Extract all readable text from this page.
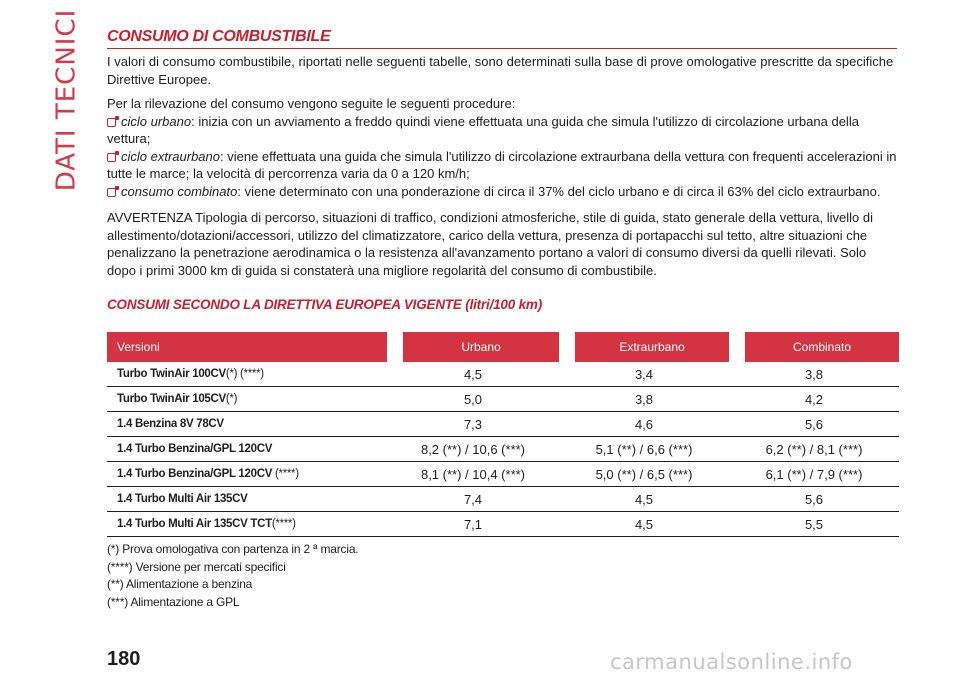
DATI TECNICI CONSUMO DI COMBUSTIBILE

I valori di consumo combustibile, riportati nelle seguenti tabelle, sono determinati sulla base di prove omologative prescritte da specifiche Direttive Europee.

Per la rilevazione del consumo vengono seguite le seguenti procedure:

ciclo urbano: inizia con un avviamento a freddo quindi viene effettuata una guida che simula l'utilizzo di circolazione urbana della vettura;
ciclo extraurbano: viene effettuata una guida che simula l'utilizzo di circolazione extraurbana della vettura con frequenti accelerazioni in tutte le marce; la velocità di percorrenza varia da 0 a 120 km/h;
consumo combinato: viene determinato con una ponderazione di circa il 37% del ciclo urbano e di circa il 63% del ciclo extraurbano.

AVVERTENZA Tipologia di percorso, situazioni di traffico, condizioni atmosferiche, stile di guida, stato generale della vettura, livello di allestimento/dotazioni/accessori, utilizzo del climatizzatore, carico della vettura, presenza di portapacchi sul tetto, altre situazioni che penalizzano la penetrazione aerodinamica o la resistenza all'avanzamento portano a valori di consumo diversi da quelli rilevati. Solo dopo i primi 3000 km di guida si constaterà una migliore regolarità del consumo di combustibile.

CONSUMI SECONDO LA DIRETTIVA EUROPEA VIGENTE (litri/100 km)
Versioni	Urbano	Extraurbano	Combinato
Turbo TwinAir 100CV(*) (****)	4,5	3,4	3,8
Turbo TwinAir 105CV(*)	5,0	3,8	4,2
1.4 Benzina 8V 78CV	7,3	4,6	5,6
1.4 Turbo Benzina/GPL 120CV	8,2 (**) / 10,6 (***)	5,1 (**) / 6,6 (***)	6,2 (**) / 8,1 (***)
1.4 Turbo Benzina/GPL 120CV (****)	8,1 (**) / 10,4 (***)	5,0 (**) / 6,5 (***)	6,1 (**) / 7,9 (***)
1.4 Turbo Multi Air 135CV	7,4	4,5	5,6
1.4 Turbo Multi Air 135CV TCT(****)	7,1	4,5	5,5
(*) Prova omologativa con partenza in 2 ª marcia.
(****) Versione per mercati specifici
(**) Alimentazione a benzina
(***) Alimentazione a GPL
180	carmanualsonline.info
